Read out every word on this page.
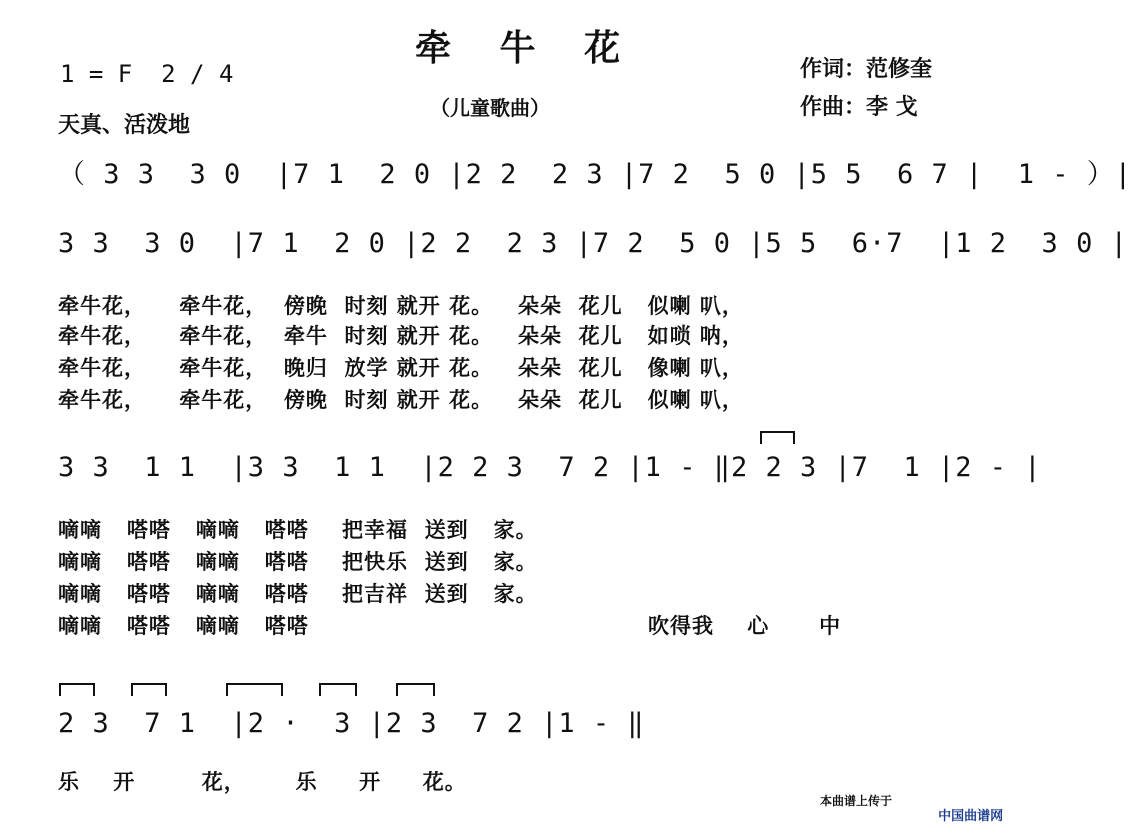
牵 牛 花
（儿童歌曲）
作词：范修奎
作曲：李 戈
1 = F  2 / 4
天真、活泼地
（ 3 3  3 0  |7 1  2 0 |2 2  2 3 |7 2  5 0 |5 5  6 7 |  1 - ）|
3 3  3 0  |7 1  2 0 |2 2  2 3 |7 2  5 0 |5 5  6·7  |1 2  3 0 |
3 3  1 1  |3 3  1 1  |2 2 3  7 2 |1 - ‖2 2 3 |7  1 |2 - |
2 3  7 1  |2 ·  3 |2 3  7 2 |1 - ‖
牵牛花，    牵牛花，  傍晚  时刻 就开 花。   朵朵  花儿   似喇 叭，
牵牛花，    牵牛花，  牵牛  时刻 就开 花。   朵朵  花儿   如唢 呐，
牵牛花，    牵牛花，  晚归  放学 就开 花。   朵朵  花儿   像喇 叭，
牵牛花，    牵牛花，  傍晚  时刻 就开 花。   朵朵  花儿   似喇 叭，
嘀嘀   嗒嗒   嘀嘀   嗒嗒    把幸福  送到   家。
嘀嘀   嗒嗒   嘀嘀   嗒嗒    把快乐  送到   家。
嘀嘀   嗒嗒   嘀嘀   嗒嗒    把吉祥  送到   家。
嘀嘀   嗒嗒   嘀嘀   嗒嗒	吹得我    心      中
乐    开        花，      乐     开     花。
本曲谱上传于

中国曲谱网
